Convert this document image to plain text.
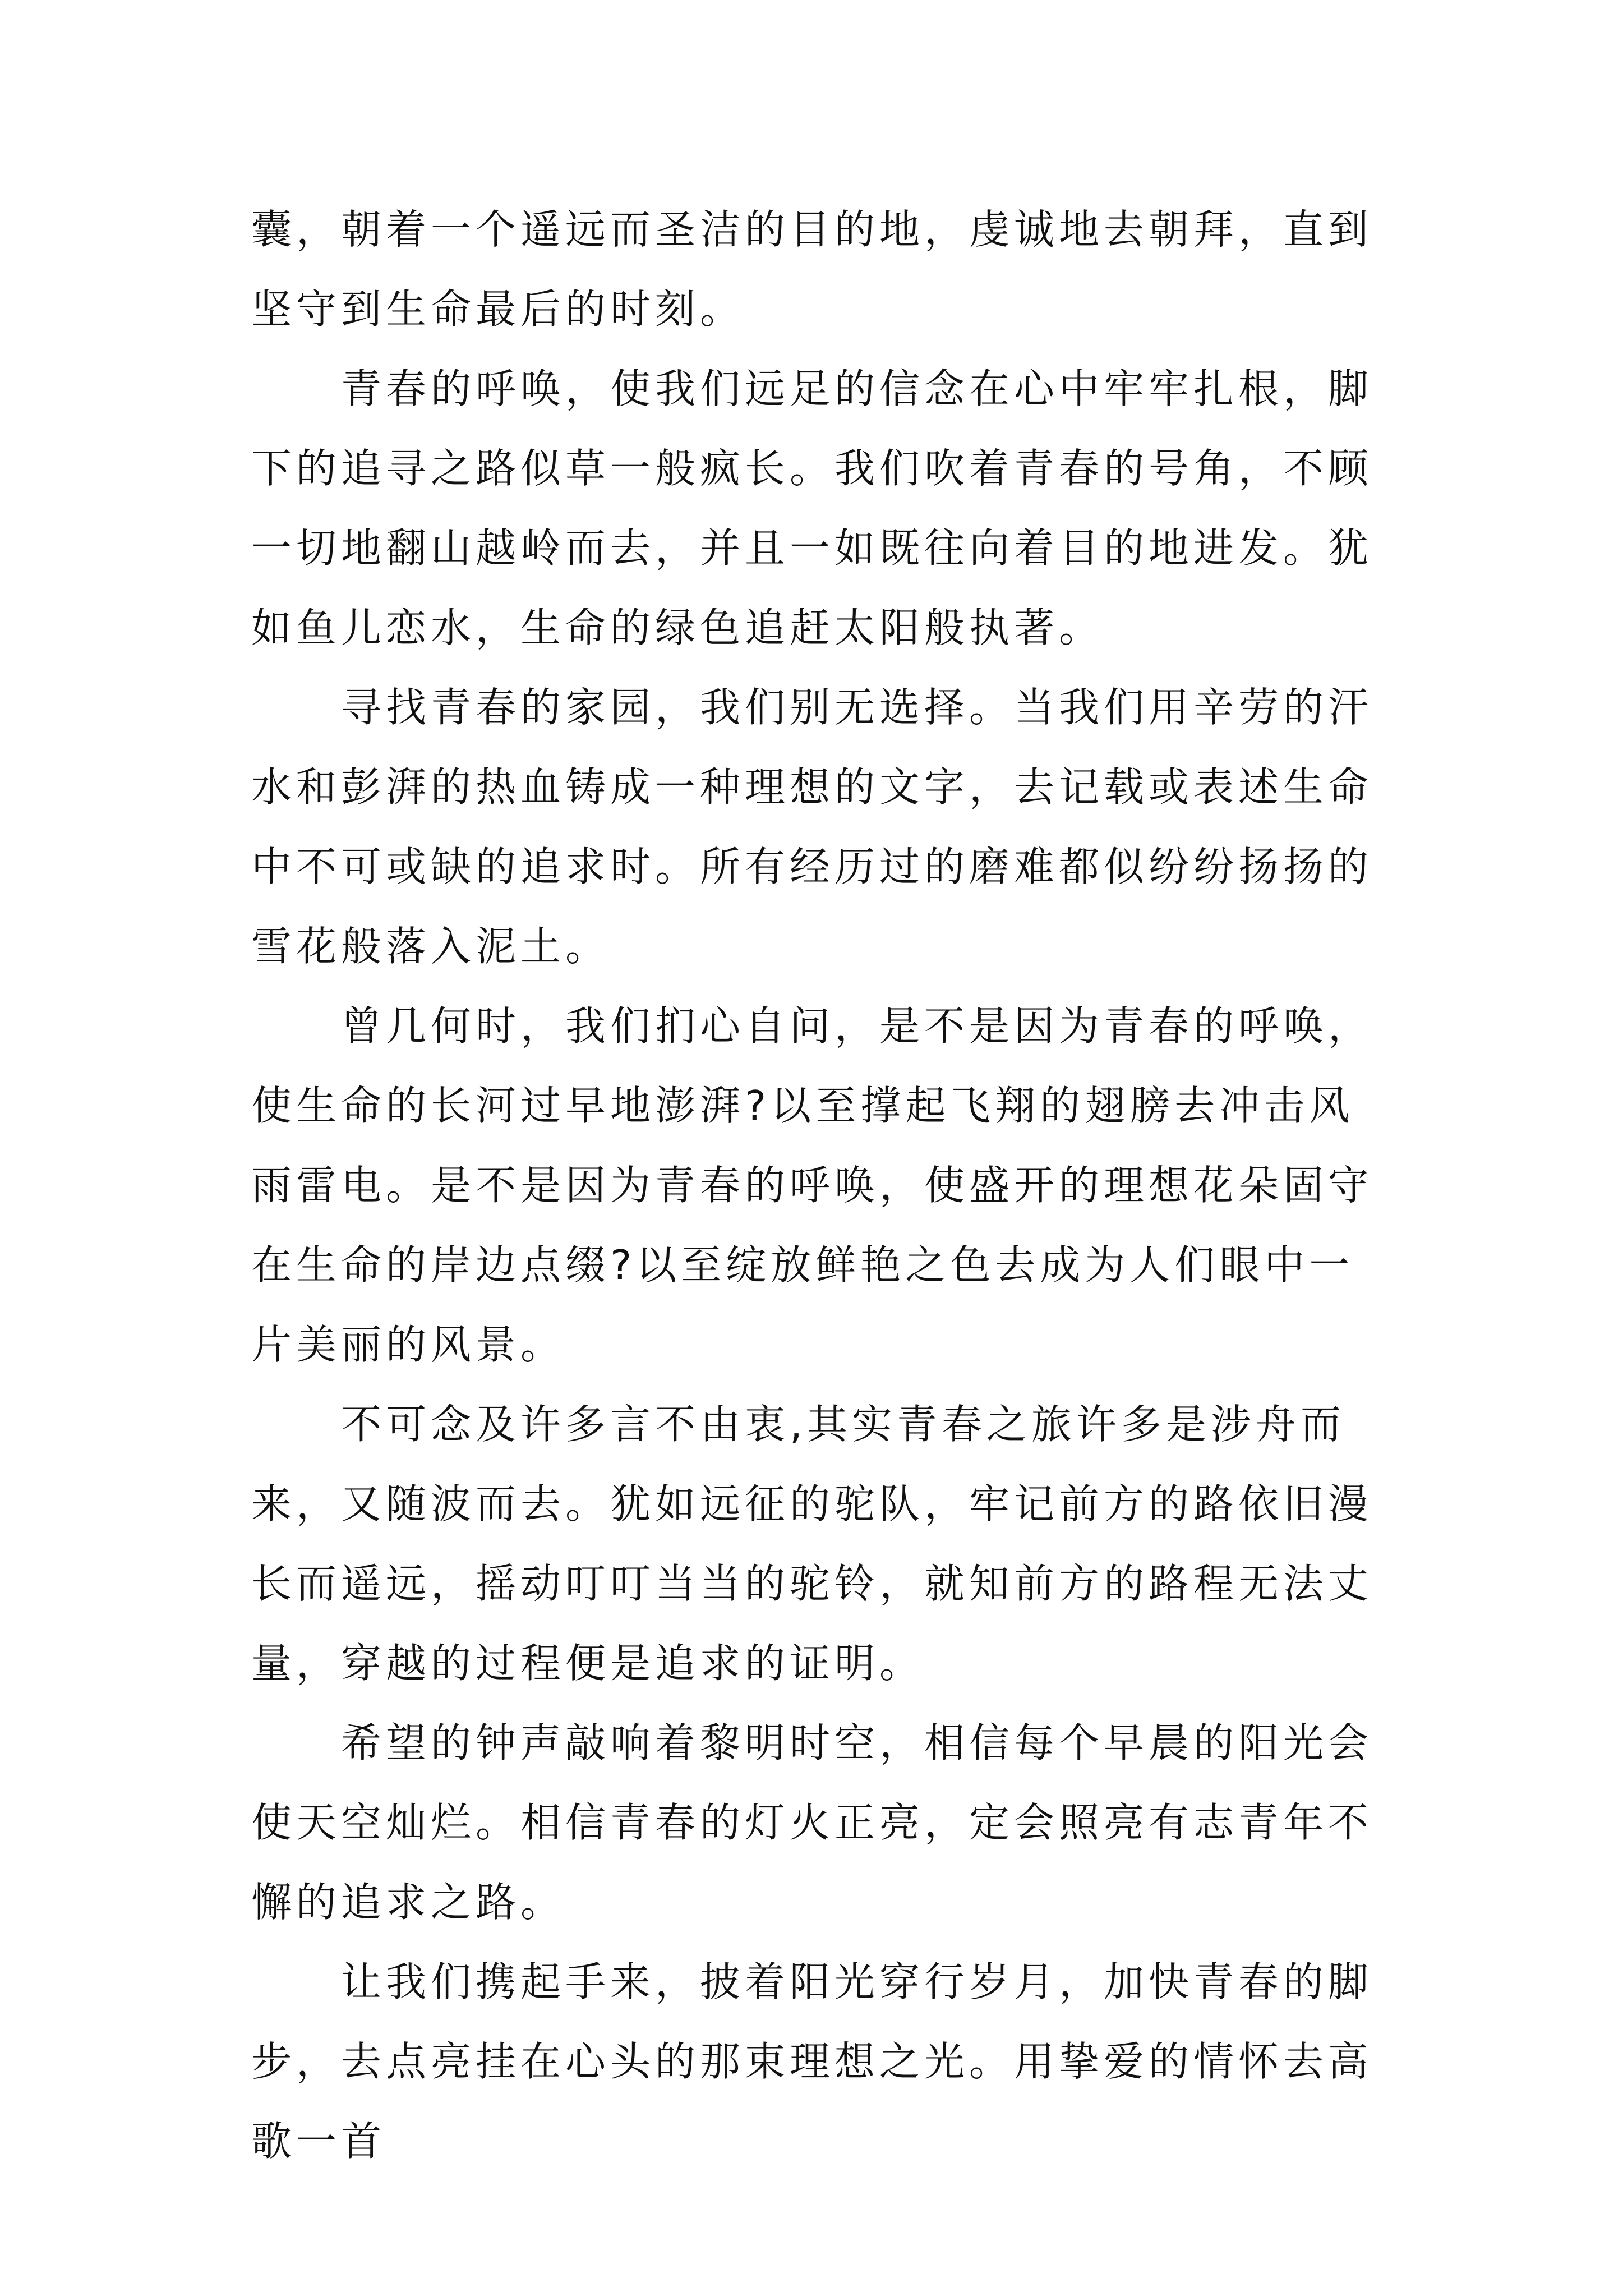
囊，朝着一个遥远而圣洁的目的地，虔诚地去朝拜，直到坚守到生命最后的时刻。

　　青春的呼唤，使我们远足的信念在心中牢牢扎根，脚下的追寻之路似草一般疯长。我们吹着青春的号角，不顾一切地翻山越岭而去，并且一如既往向着目的地进发。犹如鱼儿恋水，生命的绿色追赶太阳般执著。

　　寻找青春的家园，我们别无选择。当我们用辛劳的汗水和彭湃的热血铸成一种理想的文字，去记载或表述生命中不可或缺的追求时。所有经历过的磨难都似纷纷扬扬的雪花般落入泥土。

　　曾几何时，我们扪心自问，是不是因为青春的呼唤，使生命的长河过早地澎湃?以至撑起飞翔的翅膀去冲击风雨雷电。是不是因为青春的呼唤，使盛开的理想花朵固守在生命的岸边点缀?以至绽放鲜艳之色去成为人们眼中一片美丽的风景。

　　不可念及许多言不由衷,其实青春之旅许多是涉舟而来，又随波而去。犹如远征的驼队，牢记前方的路依旧漫长而遥远，摇动叮叮当当的驼铃，就知前方的路程无法丈量，穿越的过程便是追求的证明。

　　希望的钟声敲响着黎明时空，相信每个早晨的阳光会使天空灿烂。相信青春的灯火正亮，定会照亮有志青年不懈的追求之路。

　　让我们携起手来，披着阳光穿行岁月，加快青春的脚步，去点亮挂在心头的那束理想之光。用挚爱的情怀去高歌一首
